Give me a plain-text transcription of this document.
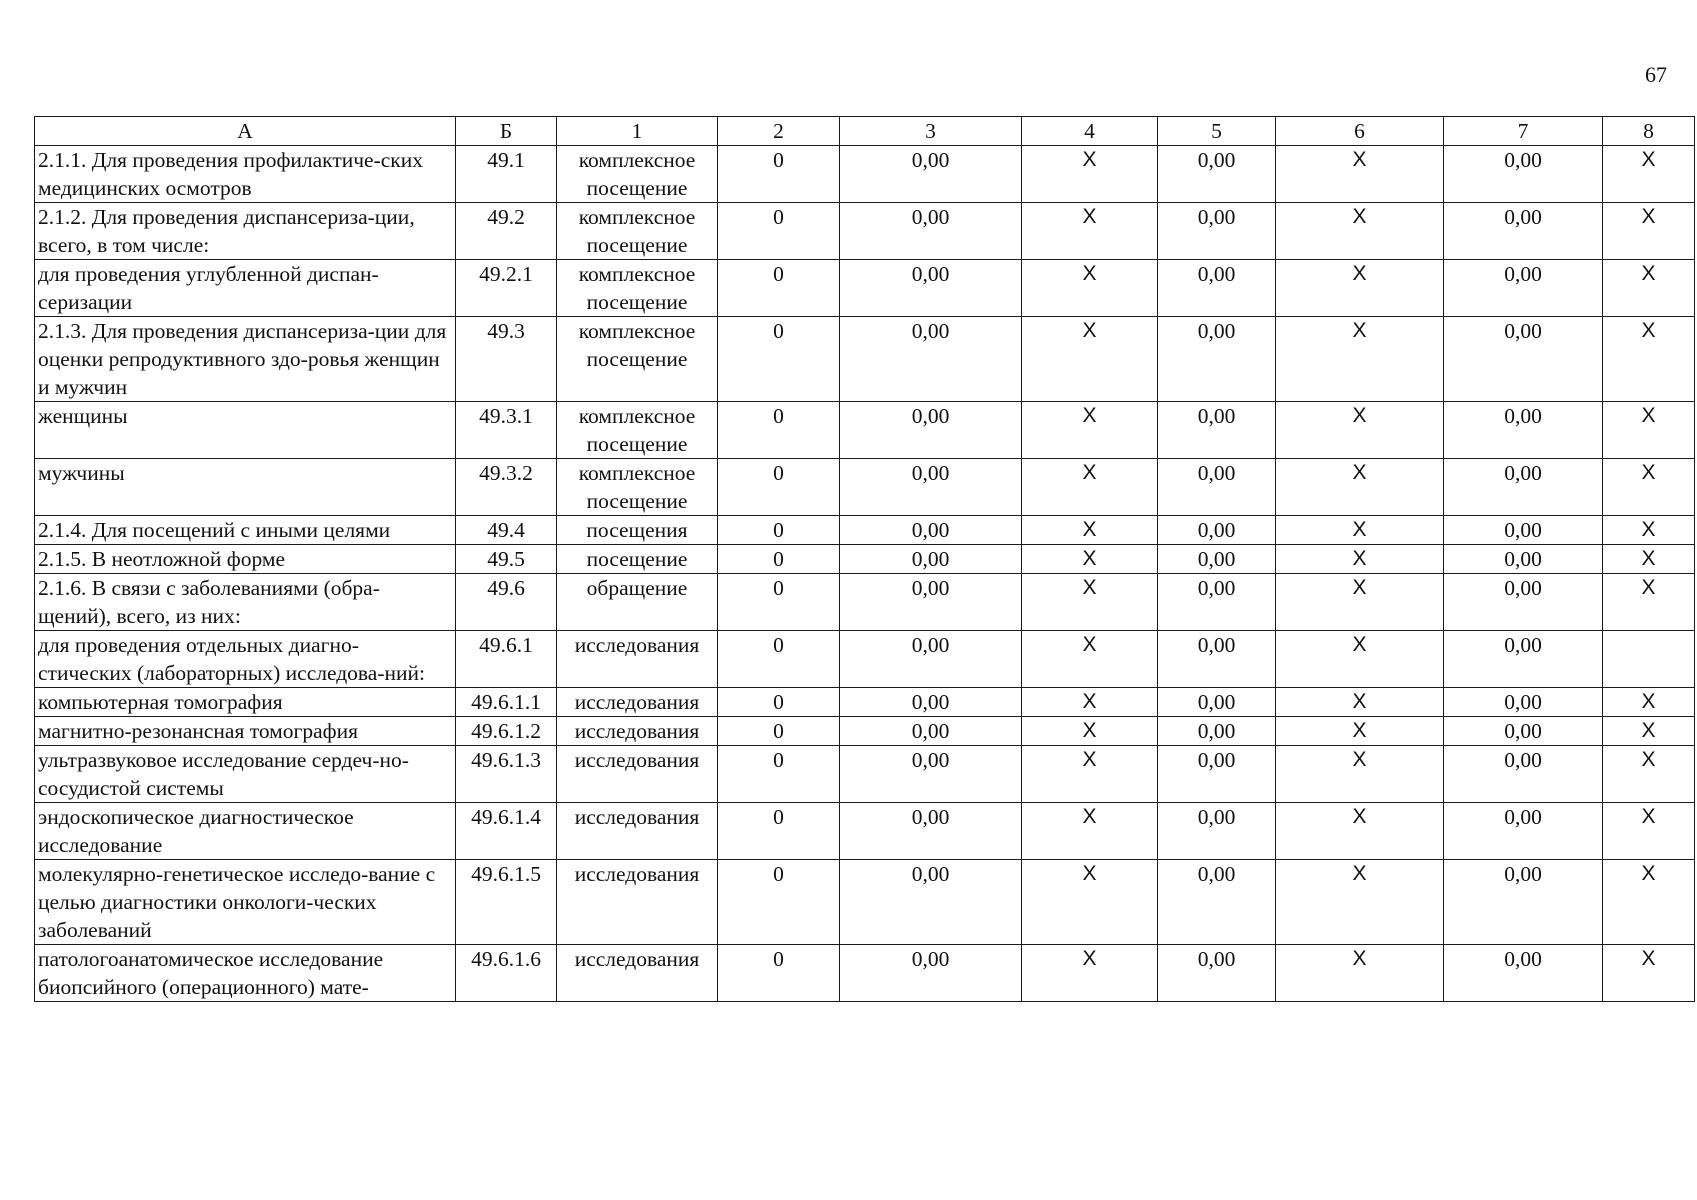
67
А	Б	1	2	3	4	5	6	7	8
2.1.1. Для проведения профилактиче-ских медицинских осмотров	49.1	комплексное посещение	0	0,00	X	0,00	X	0,00	X
2.1.2. Для проведения диспансериза-ции, всего, в том числе:	49.2	комплексное посещение	0	0,00	X	0,00	X	0,00	X
для проведения углубленной диспан-серизации	49.2.1	комплексное посещение	0	0,00	X	0,00	X	0,00	X
2.1.3. Для проведения диспансериза-ции для оценки репродуктивного здо-ровья женщин и мужчин	49.3	комплексное посещение	0	0,00	X	0,00	X	0,00	X
женщины	49.3.1	комплексное посещение	0	0,00	X	0,00	X	0,00	X
мужчины	49.3.2	комплексное посещение	0	0,00	X	0,00	X	0,00	X
2.1.4. Для посещений с иными целями	49.4	посещения	0	0,00	X	0,00	X	0,00	X
2.1.5. В неотложной форме	49.5	посещение	0	0,00	X	0,00	X	0,00	X
2.1.6. В связи с заболеваниями (обра-щений), всего, из них:	49.6	обращение	0	0,00	X	0,00	X	0,00	X
для проведения отдельных диагно-стических (лабораторных) исследова-ний:	49.6.1	исследования	0	0,00	X	0,00	X	0,00	
компьютерная томография	49.6.1.1	исследования	0	0,00	X	0,00	X	0,00	X
магнитно-резонансная томография	49.6.1.2	исследования	0	0,00	X	0,00	X	0,00	X
ультразвуковое исследование сердеч-но-сосудистой системы	49.6.1.3	исследования	0	0,00	X	0,00	X	0,00	X
эндоскопическое диагностическое исследование	49.6.1.4	исследования	0	0,00	X	0,00	X	0,00	X
молекулярно-генетическое исследо-вание с целью диагностики онкологи-ческих заболеваний	49.6.1.5	исследования	0	0,00	X	0,00	X	0,00	X
патологоанатомическое исследование биопсийного (операционного) мате-	49.6.1.6	исследования	0	0,00	X	0,00	X	0,00	X
